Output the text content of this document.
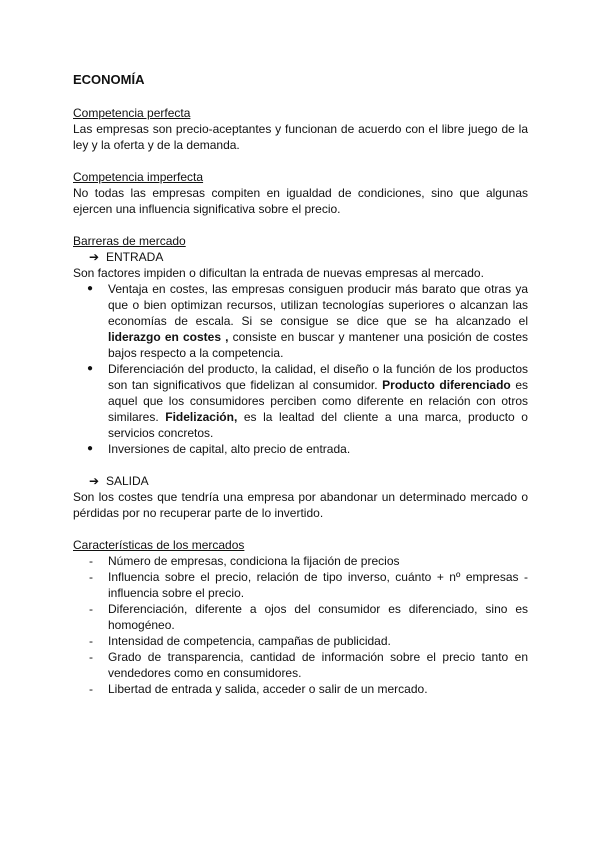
ECONOMÍA
Competencia perfecta
Las empresas son precio-aceptantes y funcionan de acuerdo con el libre juego de la ley y la oferta y de la demanda.
Competencia imperfecta
No todas las empresas compiten en igualdad de condiciones, sino que algunas ejercen una influencia significativa sobre el precio.
Barreras de mercado
➔ ENTRADA
Son factores impiden o dificultan la entrada de nuevas empresas al mercado.
●	Ventaja en costes, las empresas consiguen producir más barato que otras ya que o bien optimizan recursos, utilizan tecnologías superiores o alcanzan las economías de escala. Si se consigue se dice que se ha alcanzado el liderazgo en costes , consiste en buscar y mantener una posición de costes bajos respecto a la competencia.
●	Diferenciación del producto, la calidad, el diseño o la función de los productos son tan significativos que fidelizan al consumidor. Producto diferenciado es aquel que los consumidores perciben como diferente en relación con otros similares. Fidelización, es la lealtad del cliente a una marca, producto o servicios concretos.
●	Inversiones de capital, alto precio de entrada.
➔ SALIDA
Son los costes que tendría una empresa por abandonar un determinado mercado o pérdidas por no recuperar parte de lo invertido.
Características de los mercados
-	Número de empresas, condiciona la fijación de precios
-	Influencia sobre el precio, relación de tipo inverso, cuánto + nº empresas -influencia sobre el precio.
-	Diferenciación, diferente a ojos del consumidor es diferenciado, sino es homogéneo.
-	Intensidad de competencia, campañas de publicidad.
-	Grado de transparencia, cantidad de información sobre el precio tanto en vendedores como en consumidores.
-	Libertad de entrada y salida, acceder o salir de un mercado.
